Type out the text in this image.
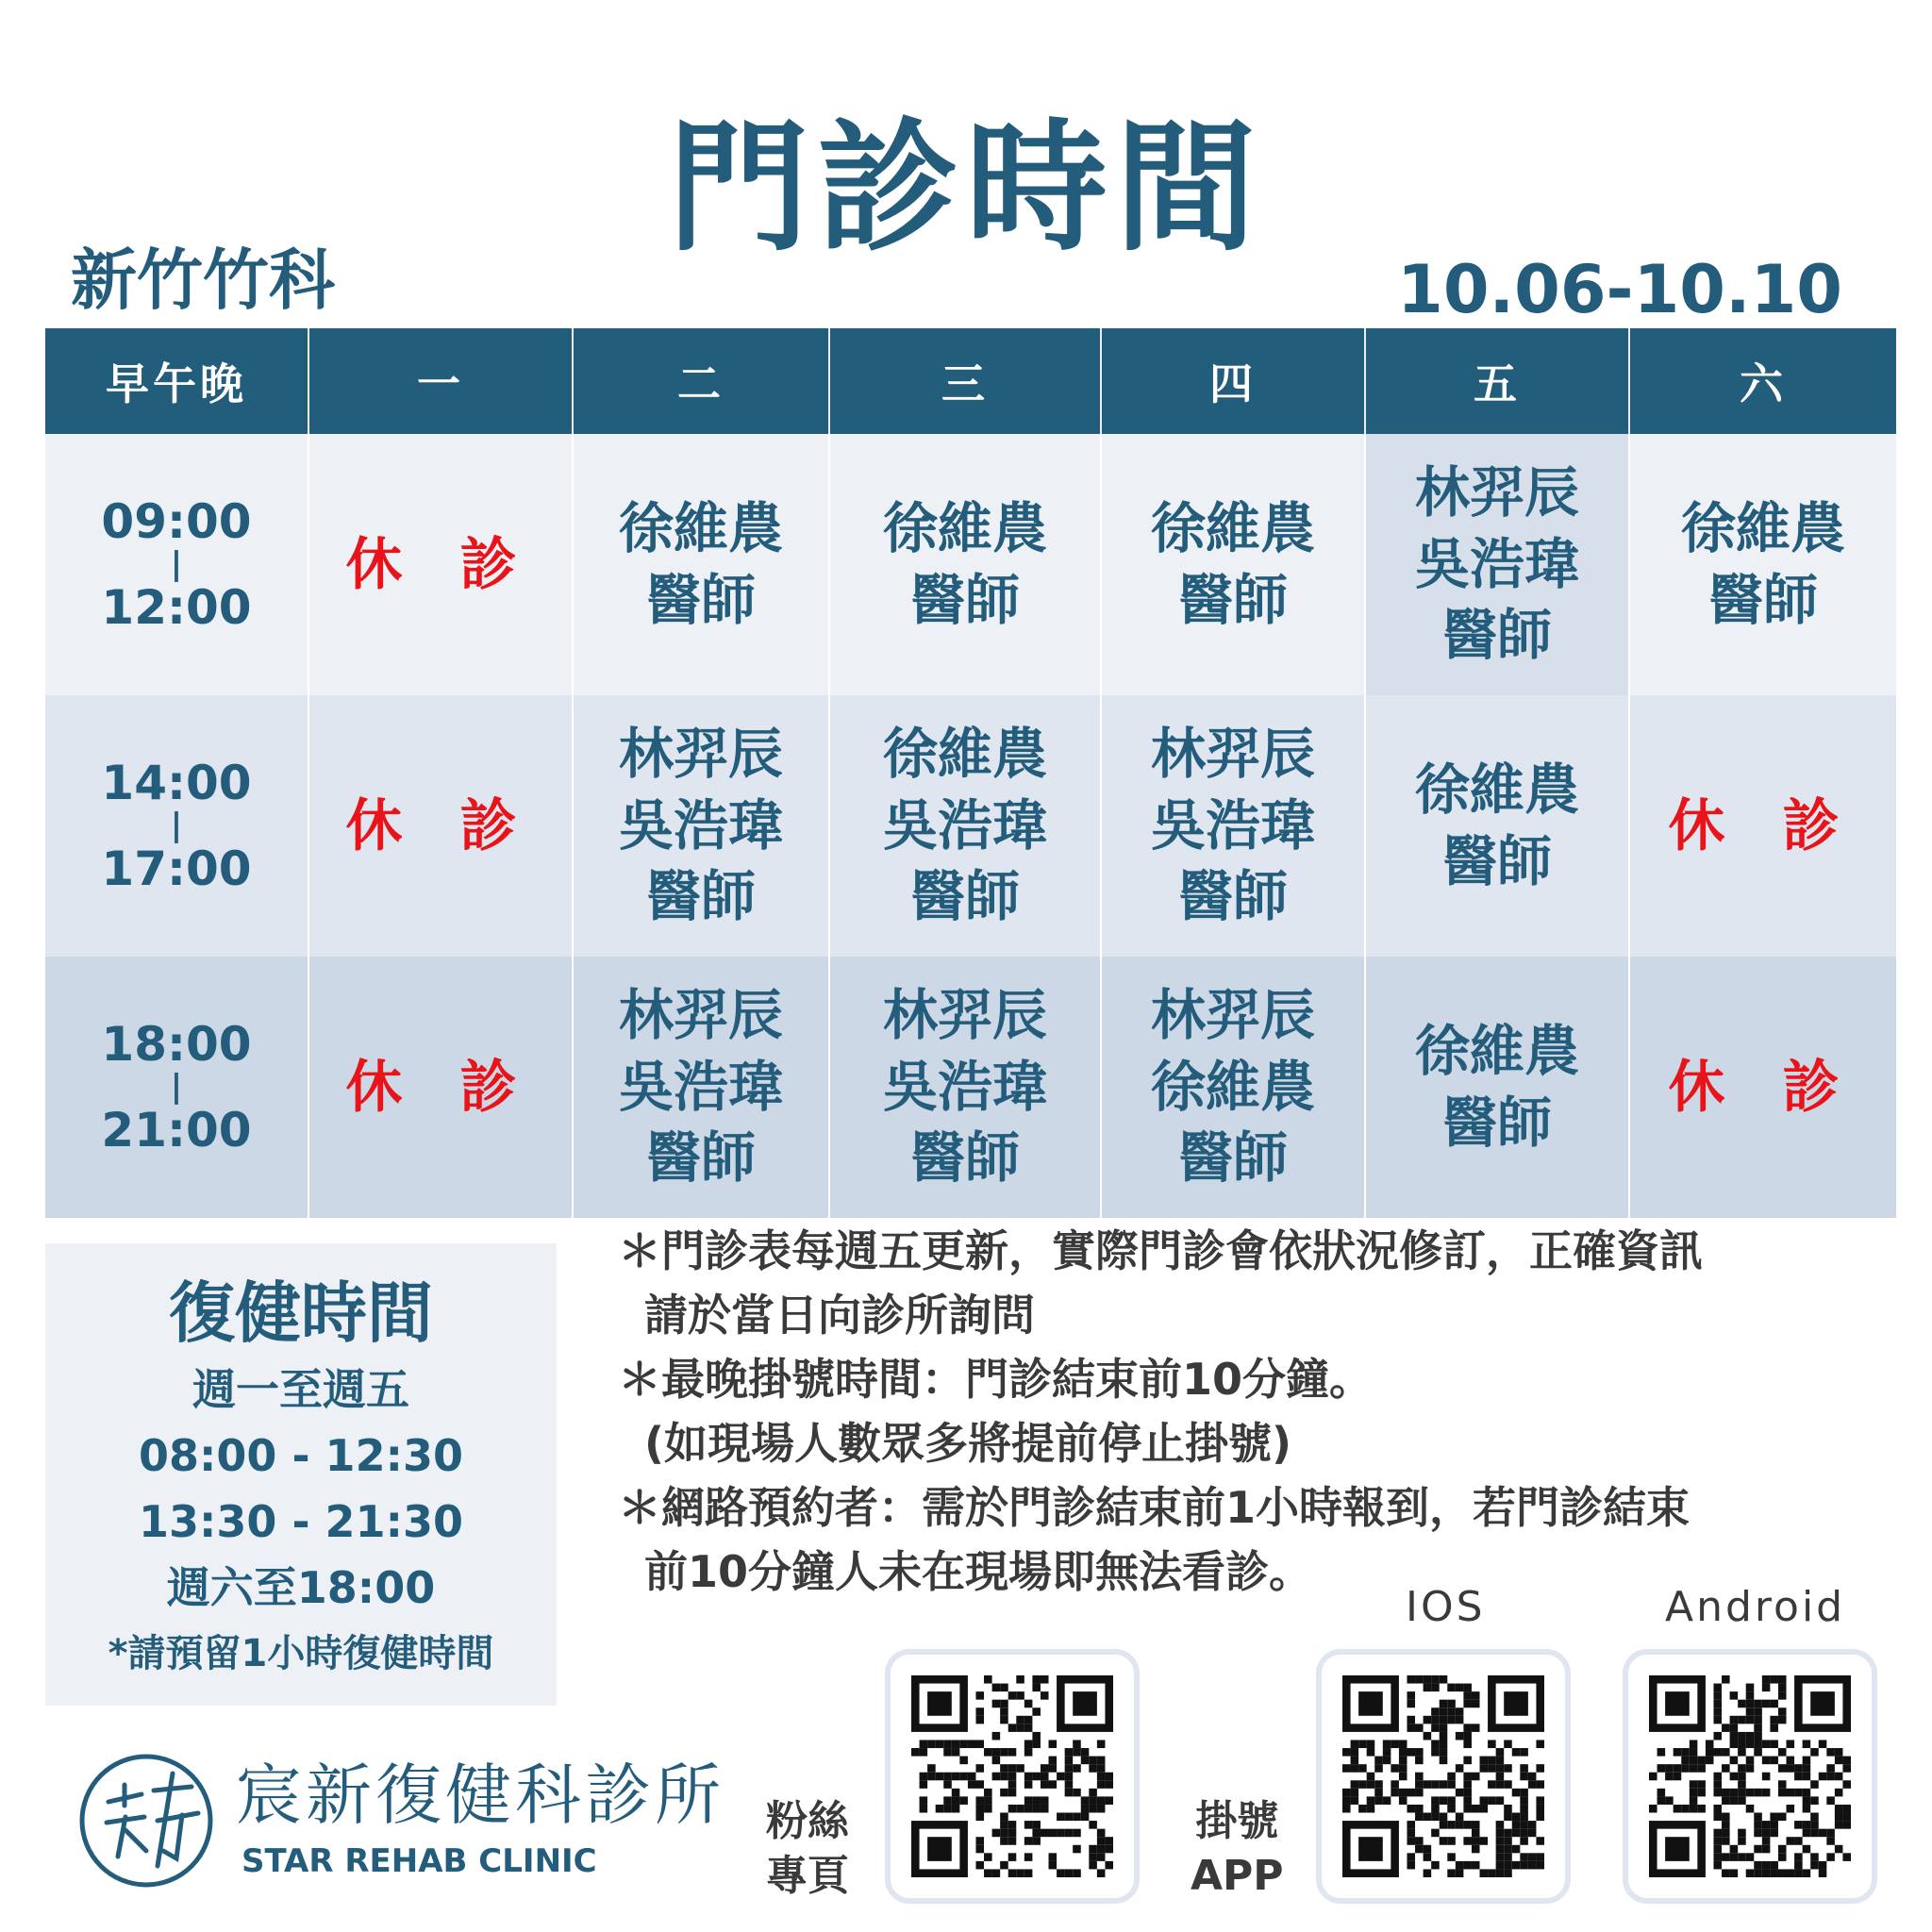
門診時間
新竹竹科	10.06-10.10
早午晚	一	二	三	四	五	六

09:00
|
12:00	休 診	徐維農
醫師	徐維農
醫師	徐維農
醫師	林羿辰
吳浩瑋
醫師	徐維農
醫師

14:00
|
17:00	休 診	林羿辰
吳浩瑋
醫師	徐維農
吳浩瑋
醫師	林羿辰
吳浩瑋
醫師	徐維農
醫師	休 診

18:00
|
21:00	休 診	林羿辰
吳浩瑋
醫師	林羿辰
吳浩瑋
醫師	林羿辰
徐維農
醫師	徐維農
醫師	休 診
復健時間
週一至週五
08:00 - 12:30
13:30 - 21:30
週六至18:00
*請預留1小時復健時間
＊門診表每週五更新，實際門診會依狀況修訂，正確資訊
請於當日向診所詢問
＊最晚掛號時間：門診結束前10分鐘。
(如現場人數眾多將提前停止掛號)
＊網路預約者：需於門診結束前1小時報到，若門診結束
前10分鐘人未在現場即無法看診。
宸新復健科診所
STAR REHAB CLINIC
粉絲
專頁
掛號
APP
IOS	Android
